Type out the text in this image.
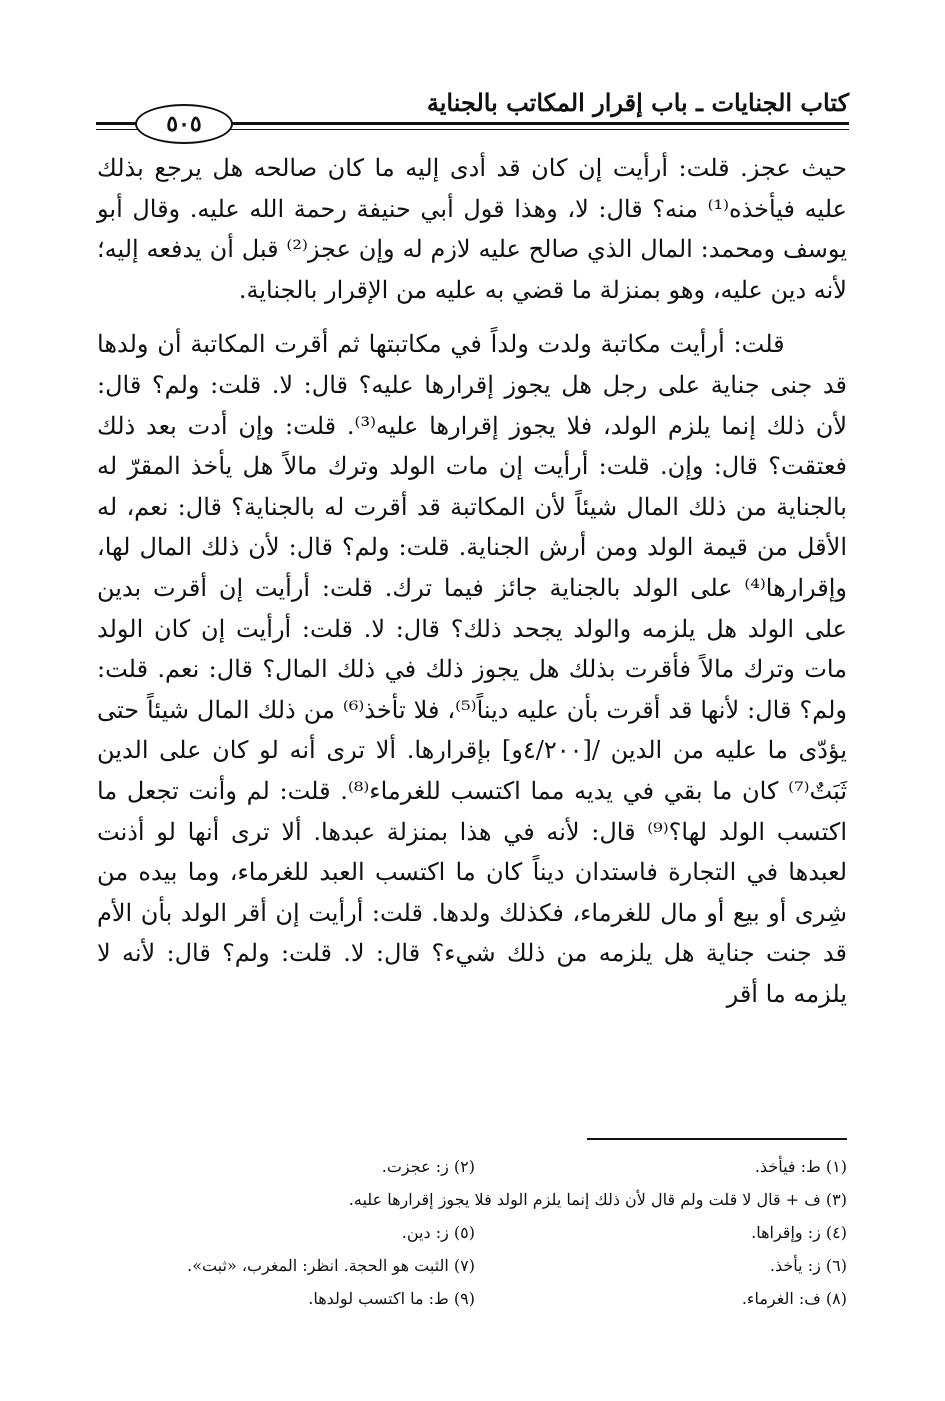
كتاب الجنايات ـ باب إقرار المكاتب بالجناية
٥٠٥

حيث عجز. قلت: أرأيت إن كان قد أدى إليه ما كان صالحه هل يرجع بذلك عليه فيأخذه⁽¹⁾ منه؟ قال: لا، وهذا قول أبي حنيفة رحمة الله عليه. وقال أبو يوسف ومحمد: المال الذي صالح عليه لازم له وإن عجز⁽²⁾ قبل أن يدفعه إليه؛ لأنه دين عليه، وهو بمنزلة ما قضي به عليه من الإقرار بالجناية.

قلت: أرأيت مكاتبة ولدت ولداً في مكاتبتها ثم أقرت المكاتبة أن ولدها قد جنى جناية على رجل هل يجوز إقرارها عليه؟ قال: لا. قلت: ولم؟ قال: لأن ذلك إنما يلزم الولد، فلا يجوز إقرارها عليه⁽³⁾. قلت: وإن أدت بعد ذلك فعتقت؟ قال: وإن. قلت: أرأيت إن مات الولد وترك مالاً هل يأخذ المقرّ له بالجناية من ذلك المال شيئاً لأن المكاتبة قد أقرت له بالجناية؟ قال: نعم، له الأقل من قيمة الولد ومن أرش الجناية. قلت: ولم؟ قال: لأن ذلك المال لها، وإقرارها⁽⁴⁾ على الولد بالجناية جائز فيما ترك. قلت: أرأيت إن أقرت بدين على الولد هل يلزمه والولد يجحد ذلك؟ قال: لا. قلت: أرأيت إن كان الولد مات وترك مالاً فأقرت بذلك هل يجوز ذلك في ذلك المال؟ قال: نعم. قلت: ولم؟ قال: لأنها قد أقرت بأن عليه ديناً⁽⁵⁾، فلا تأخذ⁽⁶⁾ من ذلك المال شيئاً حتى يؤدّى ما عليه من الدين /[٤/٢٠٠و] بإقرارها. ألا ترى أنه لو كان على الدين ثَبَتٌ⁽⁷⁾ كان ما بقي في يديه مما اكتسب للغرماء⁽⁸⁾. قلت: لم وأنت تجعل ما اكتسب الولد لها؟⁽⁹⁾ قال: لأنه في هذا بمنزلة عبدها. ألا ترى أنها لو أذنت لعبدها في التجارة فاستدان ديناً كان ما اكتسب العبد للغرماء، وما بيده من شِرى أو بيع أو مال للغرماء، فكذلك ولدها. قلت: أرأيت إن أقر الولد بأن الأم قد جنت جناية هل يلزمه من ذلك شيء؟ قال: لا. قلت: ولم؟ قال: لأنه لا يلزمه ما أقر

(١) ط: فيأخذ.
(٢) ز: عجزت.
(٣) ف + قال لا قلت ولم قال لأن ذلك إنما يلزم الولد فلا يجوز إقرارها عليه.
(٤) ز: وإقراها.
(٥) ز: دين.
(٦) ز: يأخذ.
(٧) الثبت هو الحجة. انظر: المغرب، «ثبت».
(٨) ف: الغرماء.
(٩) ط: ما اكتسب لولدها.
